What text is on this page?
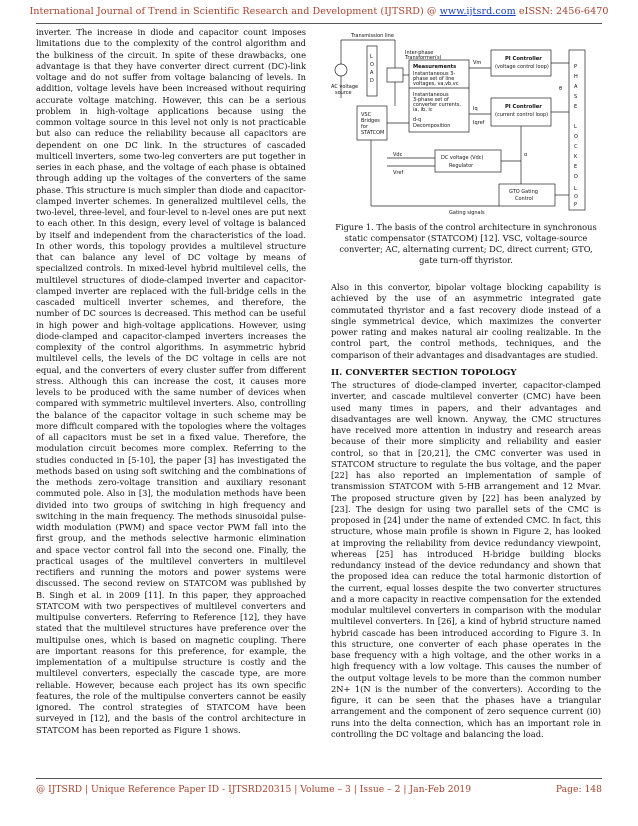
International Journal of Trend in Scientific Research and Development (IJTSRD) @ www.ijtsrd.com eISSN: 2456-6470

inverter. The increase in diode and capacitor count imposes limitations due to the complexity of the control algorithm and the bulkiness of the circuit. In spite of these drawbacks, one advantage is that they have converter direct current (DC)-link voltage and do not suffer from voltage balancing of levels. In addition, voltage levels have been increased without requiring accurate voltage matching. However, this can be a serious problem in high-voltage applications because using the common voltage source in this level not only is not practicable but also can reduce the reliability because all capacitors are dependent on one DC link. In the structures of cascaded multicell inverters, some two-leg converters are put together in series in each phase, and the voltage of each phase is obtained through adding up the voltages of the converters of the same phase. This structure is much simpler than diode and capacitor-clamped inverter schemes. In generalized multilevel cells, the two-level, three-level, and four-level to n-level ones are put next to each other. In this design, every level of voltage is balanced by itself and independent from the characteristics of the load. In other words, this topology provides a multilevel structure that can balance any level of DC voltage by means of specialized controls. In mixed-level hybrid multilevel cells, the multilevel structures of diode-clamped inverter and capacitor-clamped inverter are replaced with the full-bridge cells in the cascaded multicell inverter schemes, and therefore, the number of DC sources is decreased. This method can be useful in high power and high-voltage applications. However, using diode-clamped and capacitor-clamped inverters increases the complexity of the control algorithms. In asymmetric hybrid multilevel cells, the levels of the DC voltage in cells are not equal, and the converters of every cluster suffer from different stress. Although this can increase the cost, it causes more levels to be produced with the same number of devices when compared with symmetric multilevel inverters. Also, controlling the balance of the capacitor voltage in such scheme may be more difficult compared with the topologies where the voltages of all capacitors must be set in a fixed value. Therefore, the modulation circuit becomes more complex. Referring to the studies conducted in [5-10], the paper [3] has investigated the methods based on using soft switching and the combinations of the methods zero-voltage transition and auxiliary resonant commuted pole. Also in [3], the modulation methods have been divided into two groups of switching in high frequency and switching in the main frequency. The methods sinusoidal pulse-width modulation (PWM) and space vector PWM fall into the first group, and the methods selective harmonic elimination and space vector control fall into the second one. Finally, the practical usages of the multilevel converters in multilevel rectifiers and running the motors and power systems were discussed. The second review on STATCOM was published by B. Singh et al. in 2009 [11]. In this paper, they approached STATCOM with two perspectives of multilevel converters and multipulse converters. Referring to Reference [12], they have stated that the multilevel structures have preference over the multipulse ones, which is based on magnetic coupling. There are important reasons for this preference, for example, the implementation of a multipulse structure is costly and the multilevel converters, especially the cascade type, are more reliable. However, because each project has its own specific features, the role of the multipulse converters cannot be easily ignored. The control strategies of STATCOM have been surveyed in [12], and the basis of the control architecture in STATCOM has been reported as Figure 1 shows.

Transmission line
AC voltage
source
L
O
A
D
Inter-phase
Transformer(s)
Measurements
Instantaneous 3-
phase set of line
voltages, va,vb,vc
Instantaneous
3-phase set of
converter currents,
ia, ib, ic
d-q
Decomposition
VSC
Bridges
for
STATCOM
PI Controller
(voltage control loop)
PI Controller
(current control loop)
DC voltage (Vdc)
Regulator
GTO Gating
Control
P
H
A
S
E
L
O
C
K
E
D
L
O
P
Gating signals
Vdc
Vref
θ
α
Vm
Iq
Iqref
Figure 1. The basis of the control architecture in synchronous static compensator (STATCOM) [12]. VSC, voltage-source converter; AC, alternating current; DC, direct current; GTO, gate turn-off thyristor.

Also in this convertor, bipolar voltage blocking capability is achieved by the use of an asymmetric integrated gate commutated thyristor and a fast recovery diode instead of a single symmetrical device, which maximizes the converter power rating and makes natural air cooling realizable. In the control part, the control methods, techniques, and the comparison of their advantages and disadvantages are studied.

II. CONVERTER SECTION TOPOLOGY

The structures of diode-clamped inverter, capacitor-clamped inverter, and cascade multilevel converter (CMC) have been used many times in papers, and their advantages and disadvantages are well known. Anyway, the CMC structures have received more attention in industry and research areas because of their more simplicity and reliability and easier control, so that in [20,21], the CMC converter was used in STATCOM structure to regulate the bus voltage, and the paper [22] has also reported an implementation of sample of transmission STATCOM with 5-HB arrangement and 12 Mvar. The proposed structure given by [22] has been analyzed by [23]. The design for using two parallel sets of the CMC is proposed in [24] under the name of extended CMC. In fact, this structure, whose main profile is shown in Figure 2, has looked at improving the reliability from device redundancy viewpoint, whereas [25] has introduced H-bridge building blocks redundancy instead of the device redundancy and shown that the proposed idea can reduce the total harmonic distortion of the current, equal losses despite the two converter structures and a more capacity in reactive compensation for the extended modular multilevel converters in comparison with the modular multilevel converters. In [26], a kind of hybrid structure named hybrid cascade has been introduced according to Figure 3. In this structure, one converter of each phase operates in the base frequency with a high voltage, and the other works in a high frequency with a low voltage. This causes the number of the output voltage levels to be more than the common number 2N+ 1(N is the number of the converters). According to the figure, it can be seen that the phases have a triangular arrangement and the component of zero sequence current (i0) runs into the delta connection, which has an important role in controlling the DC voltage and balancing the load.

@ IJTSRD | Unique Reference Paper ID - IJTSRD20315 | Volume – 3 | Issue – 2 | Jan-Feb 2019	Page: 148
